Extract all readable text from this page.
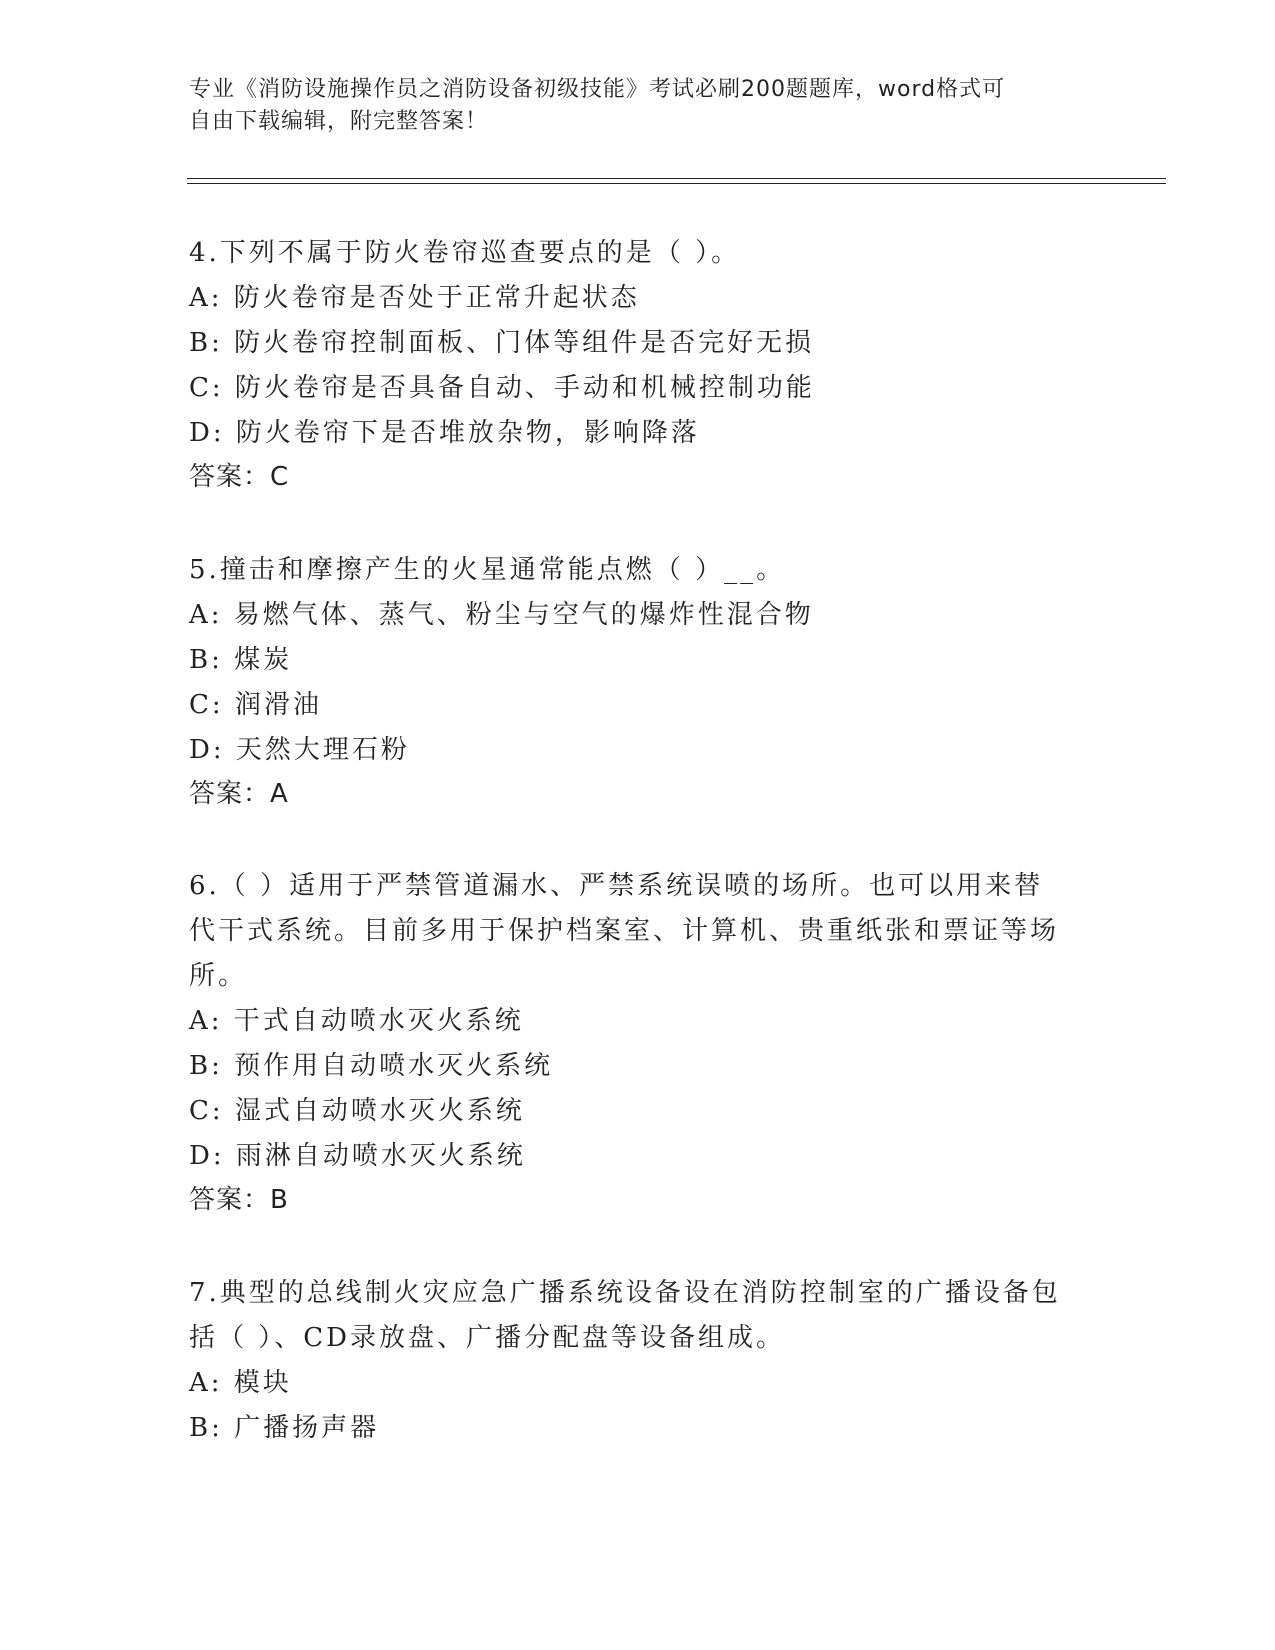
专业《消防设施操作员之消防设备初级技能》考试必刷200题题库，word格式可
自由下载编辑，附完整答案！
4.下列不属于防火卷帘巡查要点的是（ ）。
A: 防火卷帘是否处于正常升起状态
B: 防火卷帘控制面板、门体等组件是否完好无损
C: 防火卷帘是否具备自动、手动和机械控制功能
D: 防火卷帘下是否堆放杂物，影响降落
答案：C
5.撞击和摩擦产生的火星通常能点燃（ ）__。
A: 易燃气体、蒸气、粉尘与空气的爆炸性混合物
B: 煤炭
C: 润滑油
D: 天然大理石粉
答案：A
6.（ ）适用于严禁管道漏水、严禁系统误喷的场所。也可以用来替
代干式系统。目前多用于保护档案室、计算机、贵重纸张和票证等场
所。
A: 干式自动喷水灭火系统
B: 预作用自动喷水灭火系统
C: 湿式自动喷水灭火系统
D: 雨淋自动喷水灭火系统
答案：B
7.典型的总线制火灾应急广播系统设备设在消防控制室的广播设备包
括（ ）、CD录放盘、广播分配盘等设备组成。
A: 模块
B: 广播扬声器
